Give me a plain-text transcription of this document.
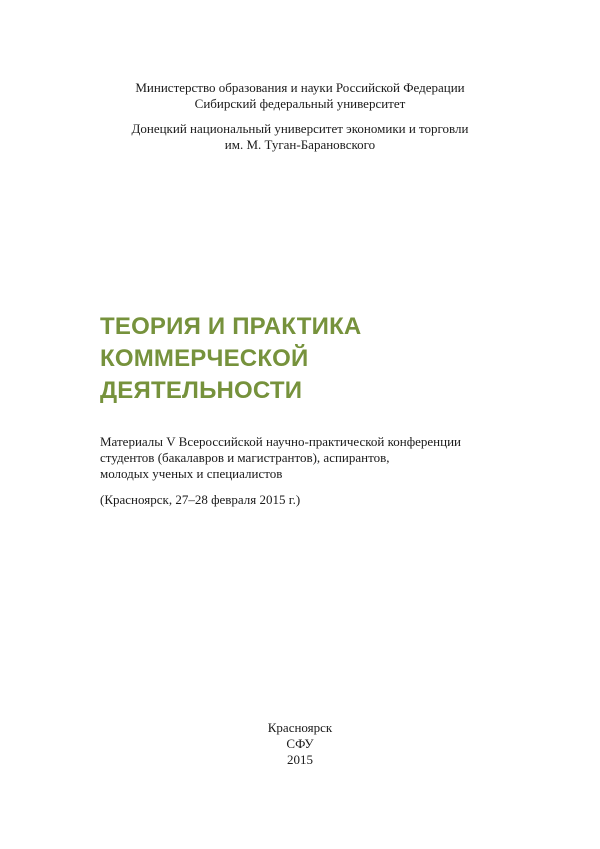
Министерство образования и науки Российской Федерации
Сибирский федеральный университет

Донецкий национальный университет экономики и торговли
им. М. Туган-Барановского

ТЕОРИЯ И ПРАКТИКА
КОММЕРЧЕСКОЙ
ДЕЯТЕЛЬНОСТИ
Материалы V Всероссийской научно-практической конференции
студентов (бакалавров и магистрантов), аспирантов,
молодых ученых и специалистов
(Красноярск, 27–28 февраля 2015 г.)
Красноярск
СФУ
2015
